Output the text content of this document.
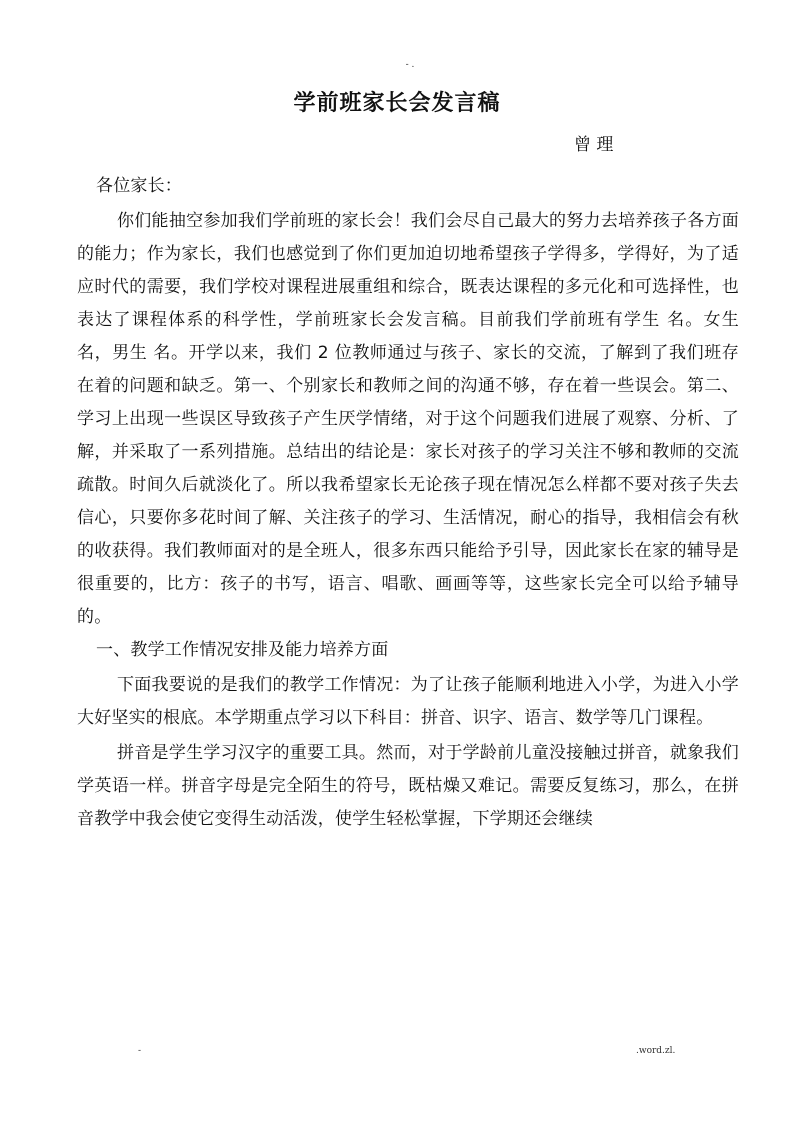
- .
学前班家长会发言稿
曾 理

各位家长：

你们能抽空参加我们学前班的家长会！我们会尽自己最大的努力去培养孩子各方面的能力；作为家长，我们也感觉到了你们更加迫切地希望孩子学得多，学得好，为了适应时代的需要，我们学校对课程进展重组和综合，既表达课程的多元化和可选择性，也表达了课程体系的科学性，学前班家长会发言稿。目前我们学前班有学生 名。女生 名，男生 名。开学以来，我们 2 位教师通过与孩子、家长的交流，了解到了我们班存在着的问题和缺乏。第一、个别家长和教师之间的沟通不够，存在着一些误会。第二、学习上出现一些误区导致孩子产生厌学情绪，对于这个问题我们进展了观察、分析、了解，并采取了一系列措施。总结出的结论是：家长对孩子的学习关注不够和教师的交流疏散。时间久后就淡化了。所以我希望家长无论孩子现在情况怎么样都不要对孩子失去信心，只要你多花时间了解、关注孩子的学习、生活情况，耐心的指导，我相信会有秋的收获得。我们教师面对的是全班人，很多东西只能给予引导，因此家长在家的辅导是很重要的，比方：孩子的书写，语言、唱歌、画画等等，这些家长完全可以给予辅导的。

一、教学工作情况安排及能力培养方面

下面我要说的是我们的教学工作情况：为了让孩子能顺利地进入小学，为进入小学大好坚实的根底。本学期重点学习以下科目：拼音、识字、语言、数学等几门课程。

拼音是学生学习汉字的重要工具。然而，对于学龄前儿童没接触过拼音，就象我们学英语一样。拼音字母是完全陌生的符号，既枯燥又难记。需要反复练习，那么，在拼音教学中我会使它变得生动活泼，使学生轻松掌握，下学期还会继续

-	.word.zl.
